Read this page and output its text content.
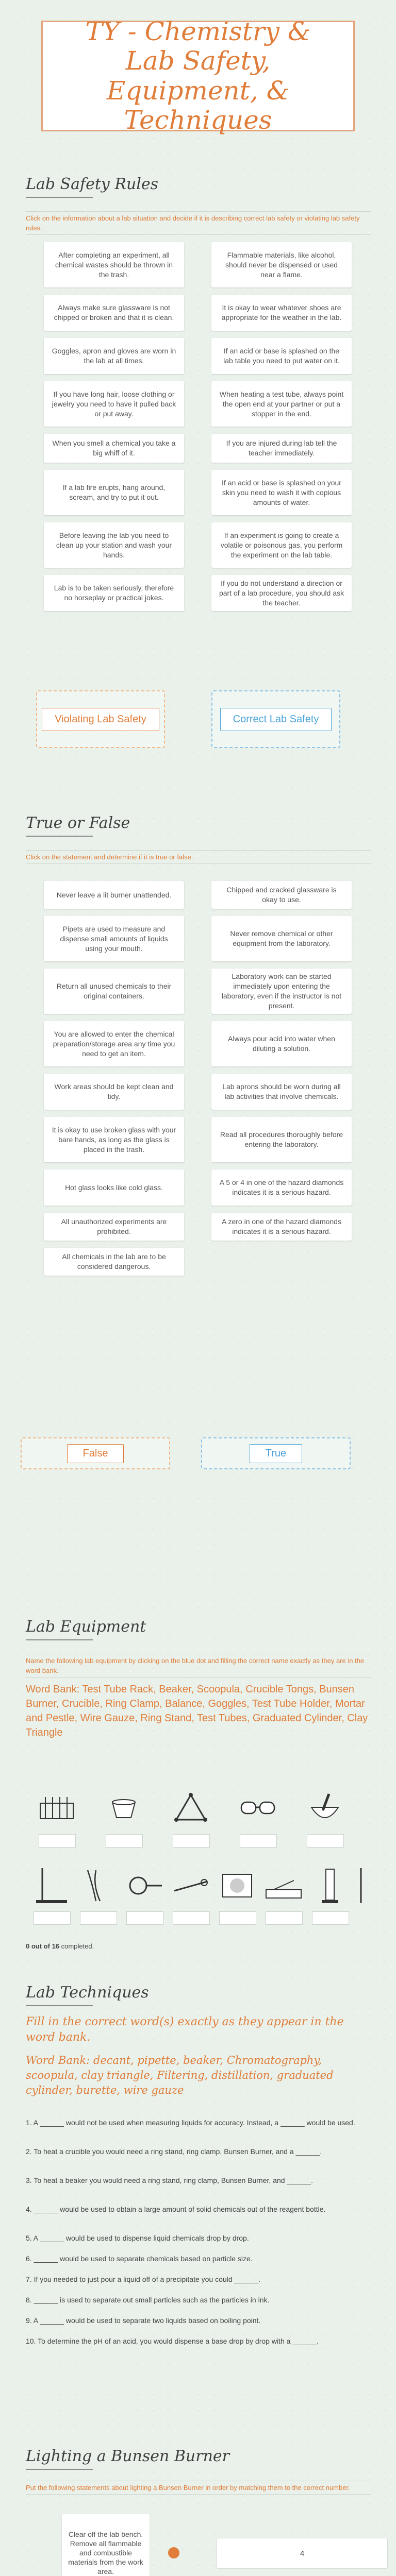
TY - Chemistry & Lab Safety, Equipment, & Techniques
Lab Safety Rules
Click on the information about a lab situation and decide if it is describing correct lab safety or violating lab safety rules.
After completing an experiment, all chemical wastes should be thrown in the trash.
Flammable materials, like alcohol, should never be dispensed or used near a flame.
Always make sure glassware is not chipped or broken and that it is clean.
It is okay to wear whatever shoes are appropriate for the weather in the lab.
Goggles, apron and gloves are worn in the lab at all times.
If an acid or base is splashed on the lab table you need to put water on it.
If you have long hair, loose clothing or jewelry you need to have it pulled back or put away.
When heating a test tube, always point the open end at your partner or put a stopper in the end.
When you smell a chemical you take a big whiff of it.
If you are injured during lab tell the teacher immediately.
If a lab fire erupts, hang around, scream, and try to put it out.
If an acid or base is splashed on your skin you need to wash it with copious amounts of water.
Before leaving the lab you need to clean up your station and wash your hands.
If an experiment is going to create a volatile or poisonous gas, you perform the experiment on the lab table.
Lab is to be taken seriously, therefore no horseplay or practical jokes.
If you do not understand a direction or part of a lab procedure, you should ask the teacher.
Violating Lab Safety	Correct Lab Safety
True or False
Click on the statement and determine if it is true or false.
Never leave a lit burner unattended.
Chipped and cracked glassware is okay to use.
Pipets are used to measure and dispense small amounts of liquids using your mouth.
Never remove chemical or other equipment from the laboratory.
Return all unused chemicals to their original containers.
Laboratory work can be started immediately upon entering the laboratory, even if the instructor is not present.
You are allowed to enter the chemical preparation/storage area any time you need to get an item.
Always pour acid into water when diluting a solution.
Work areas should be kept clean and tidy.
Lab aprons should be worn during all lab activities that involve chemicals.
It is okay to use broken glass with your bare hands, as long as the glass is placed in the trash.
Read all procedures thoroughly before entering the laboratory.
Hot glass looks like cold glass.
A 5 or 4 in one of the hazard diamonds indicates it is a serious hazard.
All unauthorized experiments are prohibited.
A zero in one of the hazard diamonds indicates it is a serious hazard.
All chemicals in the lab are to be considered dangerous.
False	True
Lab Equipment
Name the following lab equipment by clicking on the blue dot and filling the correct name exactly as they are in the word bank.
Word Bank: Test Tube Rack, Beaker, Scoopula, Crucible Tongs, Bunsen Burner, Crucible, Ring Clamp, Balance, Goggles, Test Tube Holder, Mortar and Pestle, Wire Gauze, Ring Stand, Test Tubes, Graduated Cylinder, Clay Triangle
0 out of 16 completed.
Lab Techniques
Fill in the correct word(s) exactly as they appear in the word bank.
Word Bank: decant, pipette, beaker, Chromatography, scoopula, clay triangle, Filtering, distillation, graduated cylinder, burette, wire gauze
1. A ______ would not be used when measuring liquids for accuracy. Instead, a ______ would be used.
2. To heat a crucible you would need a ring stand, ring clamp, Bunsen Burner, and a ______.
3. To heat a beaker you would need a ring stand, ring clamp, Bunsen Burner, and ______.
4. ______ would be used to obtain a large amount of solid chemicals out of the reagent bottle.
5. A ______ would be used to dispense liquid chemicals drop by drop.
6. ______ would be used to separate chemicals based on particle size.
7. If you needed to just pour a liquid off of a precipitate you could ______.
8. ______ is used to separate out small particles such as the particles in ink.
9. A ______ would be used to separate two liquids based on boiling point.
10. To determine the pH of an acid, you would dispense a base drop by drop with a ______.
Lighting a Bunsen Burner
Put the following statements about lighting a Bunsen Burner in order by matching them to the correct number.
Clear off the lab bench. Remove all flammable and combustible materials from the work area.
4
